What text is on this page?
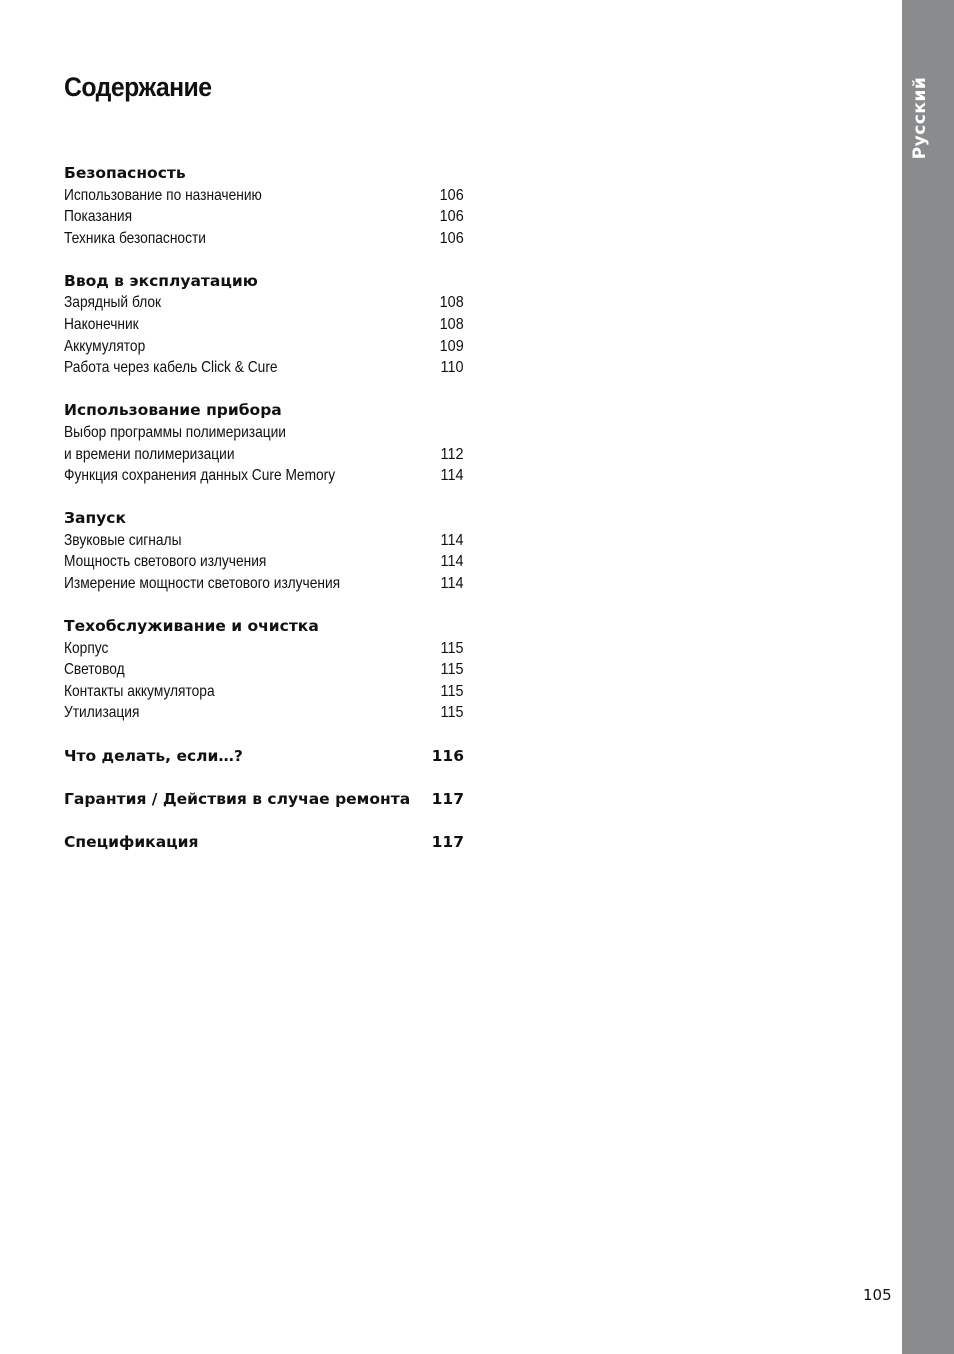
Русский
Содержание
Безопасность
Использование по назначению	106
Показания	106
Техника безопасности	106
Ввод в эксплуатацию
Зарядный блок	108
Наконечник	108
Аккумулятор	109
Работа через кабель Click & Cure	110
Использование прибора
Выбор программы полимеризации
и времени полимеризации	112
Функция сохранения данных Cure Memory	114
Запуск
Звуковые сигналы	114
Мощность светового излучения	114
Измерение мощности светового излучения	114
Техобслуживание и очистка
Корпус	115
Световод	115
Контакты аккумулятора	115
Утилизация	115
Что делать, если…?	116
Гарантия / Действия в случае ремонта 117
Спецификация	117
105
